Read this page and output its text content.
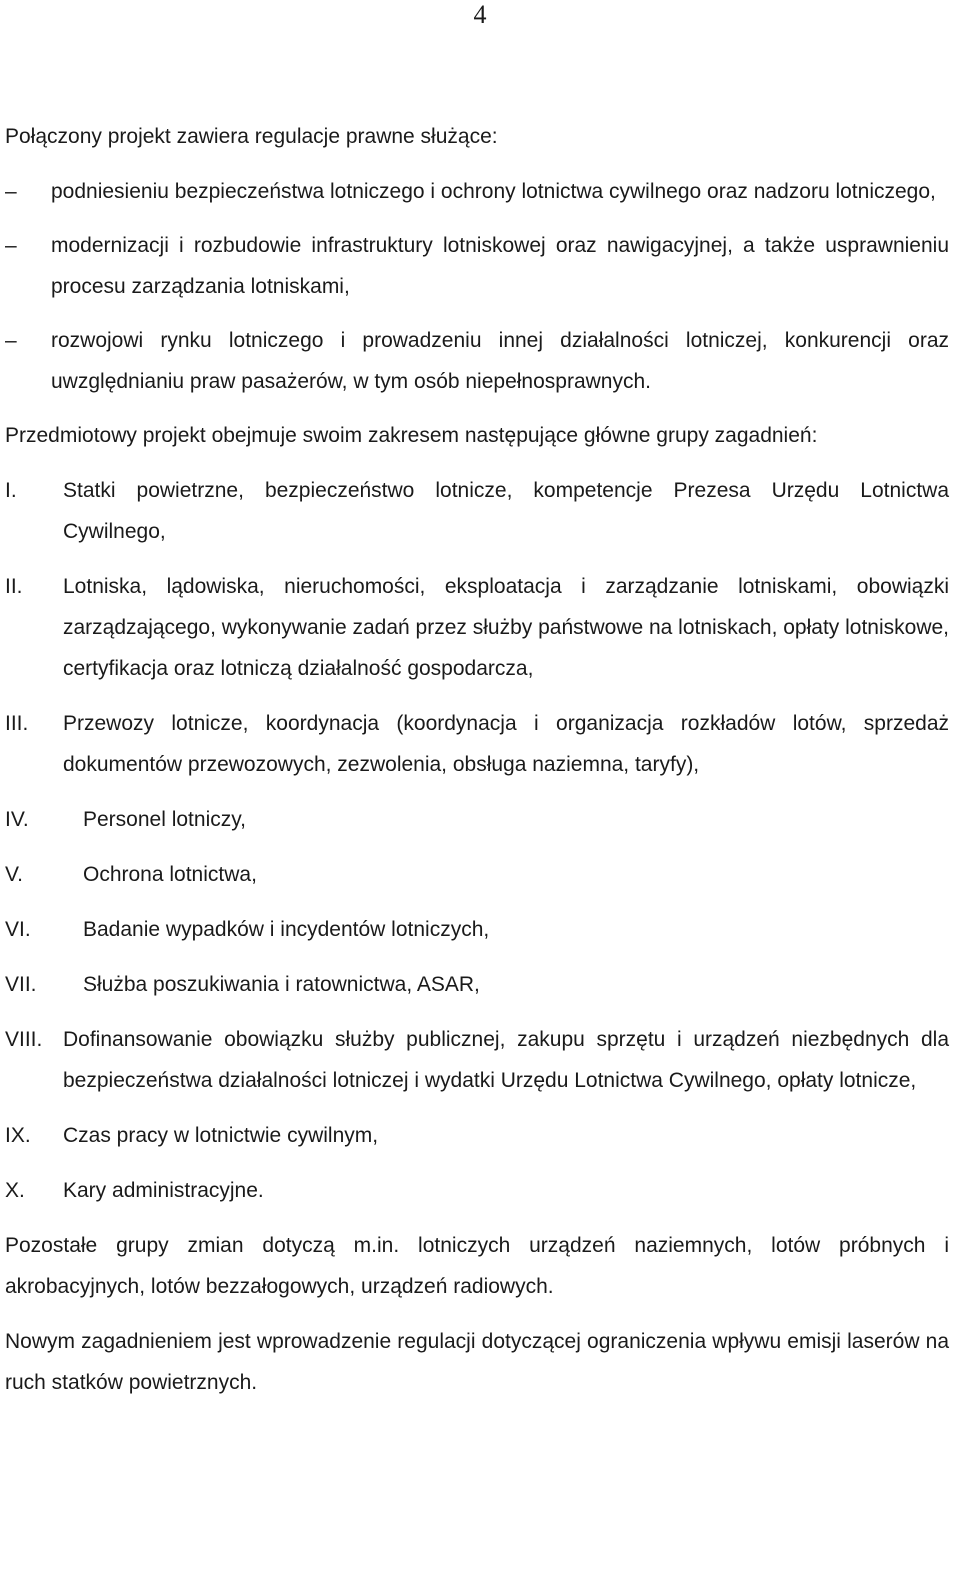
4

Połączony projekt zawiera regulacje prawne służące:

–	podniesieniu bezpieczeństwa lotniczego i ochrony lotnictwa cywilnego oraz nadzoru lotniczego,
–	modernizacji i rozbudowie infrastruktury lotniskowej oraz nawigacyjnej, a także usprawnieniu procesu zarządzania lotniskami,
–	rozwojowi rynku lotniczego i prowadzeniu innej działalności lotniczej, konkurencji oraz uwzględnianiu praw pasażerów, w tym osób niepełnosprawnych.

Przedmiotowy projekt obejmuje swoim zakresem następujące główne grupy zagadnień:

I. Statki powietrzne, bezpieczeństwo lotnicze, kompetencje Prezesa Urzędu Lotnictwa Cywilnego,
II. Lotniska, lądowiska, nieruchomości, eksploatacja i zarządzanie lotniskami, obowiązki zarządzającego, wykonywanie zadań przez służby państwowe na lotniskach, opłaty lotniskowe, certyfikacja oraz lotniczą działalność gospodarcza,
III. Przewozy lotnicze, koordynacja (koordynacja i organizacja rozkładów lotów, sprzedaż dokumentów przewozowych, zezwolenia, obsługa naziemna, taryfy),
IV.	Personel lotniczy,
V.	Ochrona lotnictwa,
VI. Badanie wypadków i incydentów lotniczych,
VII. Służba poszukiwania i ratownictwa, ASAR,
VIII. Dofinansowanie obowiązku służby publicznej, zakupu sprzętu i urządzeń niezbędnych dla bezpieczeństwa działalności lotniczej i wydatki Urzędu Lotnictwa Cywilnego, opłaty lotnicze,
IX. Czas pracy w lotnictwie cywilnym,
X. Kary administracyjne.

Pozostałe grupy zmian dotyczą m.in. lotniczych urządzeń naziemnych, lotów próbnych i akrobacyjnych, lotów bezzałogowych, urządzeń radiowych.

Nowym zagadnieniem jest wprowadzenie regulacji dotyczącej ograniczenia wpływu emisji laserów na ruch statków powietrznych.
